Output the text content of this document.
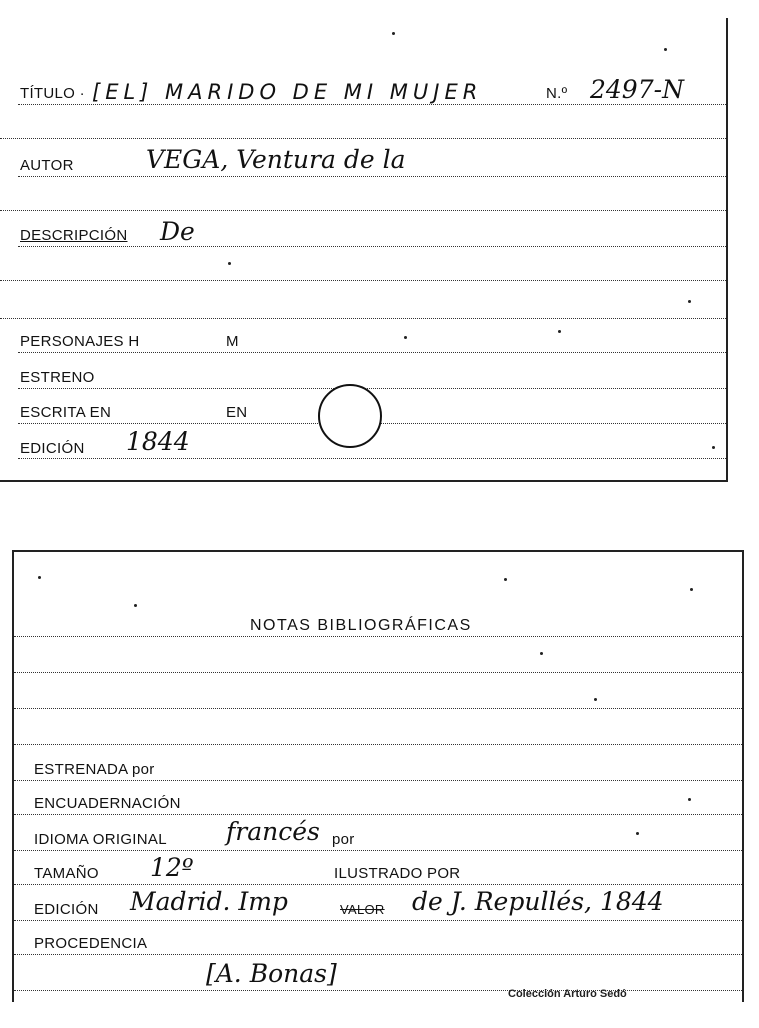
TÍTULO · [EL] MARIDO DE MI MUJER	N.º 2497-N
AUTOR	VEGA, Ventura de la
DESCRIPCIÓN De
PERSONAJES H	M
ESTRENO
ESCRITA EN	EN
EDICIÓN 1844
NOTAS BIBLIOGRÁFICAS
ESTRENADA por
ENCUADERNACIÓN
IDIOMA ORIGINAL francés por
TAMAÑO 12º	ILUSTRADO POR
EDICIÓN Madrid. Imp	VALOR de J. Repullés, 1844
PROCEDENCIA
[A. Bonas]
Colección Arturo Sedó
